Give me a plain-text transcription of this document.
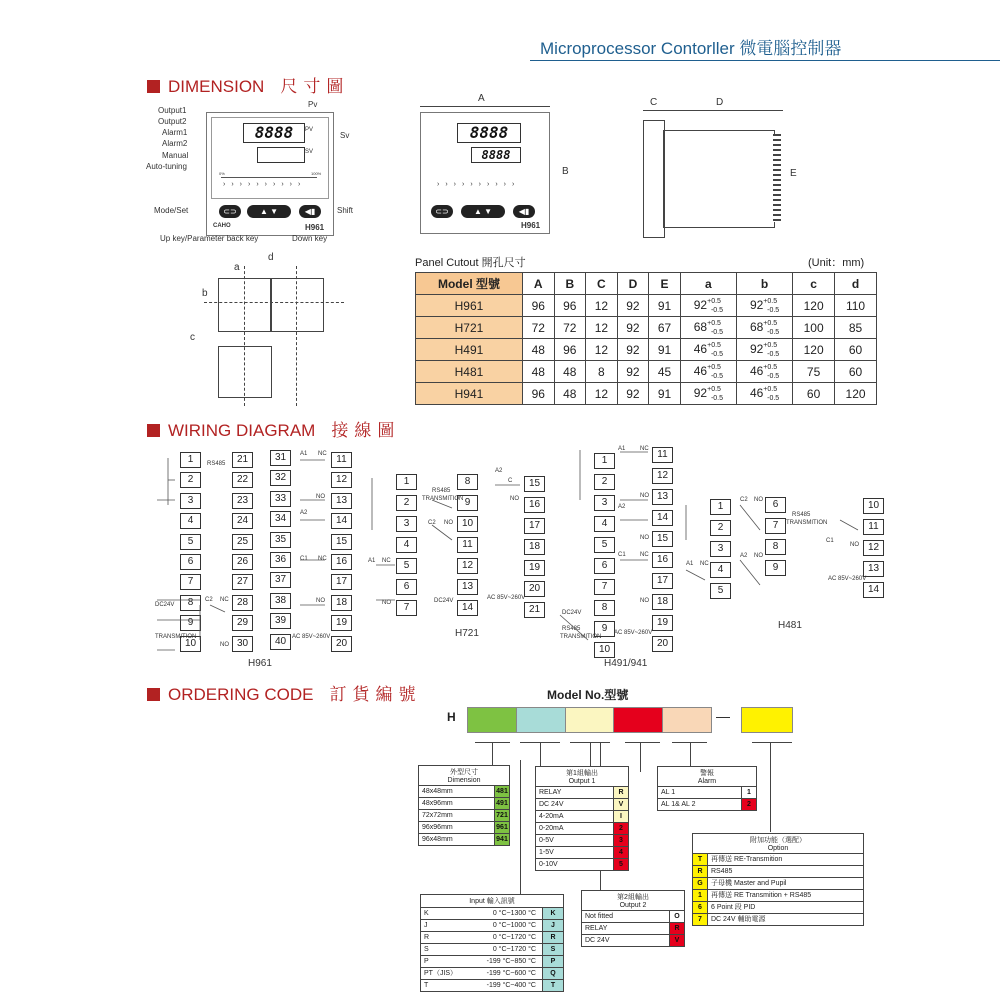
Microprocessor Contorller 微電腦控制器
DIMENSION 尺寸圖
8888	PV
SV
0%	100%
››››››››››
⊂⊃	▲ ▼	◀▮
CAHO	H961
Output1
Output2
Alarm1
Alarm2
Manual
Auto-tuning
Pv
Sv
Mode/Set	Shift
Up key/Parameter back key	Down key
A
8888
8888
››››››››››
⊂⊃	▲ ▼	◀▮
H961
B
C	D
E
a
d
b
c
Panel Cutout 開孔尺寸	(Unit：mm)
Model 型號	A	B	C	D	E	a	b	c	d
H961	96	96	12	92	91	$92^{+0.5}_{-0.5}$	$92^{+0.5}_{-0.5}$	120	110
H721	72	72	12	92	67	$68^{+0.5}_{-0.5}$	$68^{+0.5}_{-0.5}$	100	85
H491	48	96	12	92	91	$46^{+0.5}_{-0.5}$	$92^{+0.5}_{-0.5}$	120	60
H481	48	48	8	92	45	$46^{+0.5}_{-0.5}$	$46^{+0.5}_{-0.5}$	75	60
H941	96	48	12	92	91	$92^{+0.5}_{-0.5}$	$46^{+0.5}_{-0.5}$	60	120
WIRING DIAGRAM 接線圖
1
2
3
4
5
6
7
8
9
10
21
22
23
24
25
26
27
28
29
30
31
32
33
34
35
36
37
38
39
40
11
12
13
14
15
16
17
18
19
20
1
2
3
4
5
6
7
8
9
10
11
12
13
14
15
16
17
18
19
20
21
1
2
3
4
5
6
7
8
9
10
11
12
13
14
15
16
17
18
19
20
1
2
3
4
5
6
7
8
9
10
11
12
13
14
RS485
TRANSMITION
DC24V
AC 85V~260V
C2 NC
NO
A1 NC
NO
A2
C1 NC
NO
RS485
TRANSMITION
C2 NO
DC24V
A2
C
NO
AC 85V~260V
A1 NC
NO
A1 NC
NO
A2
NO
C1 NC
NO
DC24V
RS485
TRANSMITION
AC 85V~260V
C2 NO
RS485
TRANSMITION
A1 NC
A2 NO
C1
NO
AC 85V~260V
H961
H721
H491/941
H481
ORDERING CODE 訂貨編號	Model No.型號
H	—
外型尺寸
Dimension
48x48mm	481
48x96mm	491
72x72mm	721
96x96mm	961
96x48mm	941
第1組輸出
Output 1
RELAY	R
DC 24V	V
4-20mA	I
0-20mA	2
0-5V	3
1-5V	4
0-10V	5
警報
Alarm
AL 1	1
AL 1& AL 2	2
附加功能（選配）
Option
T	再傳送 RE-Transmition
R	RS485
G	子母機 Master and Pupil
1	再傳送 RE Transmition + RS485
6	6 Point 段 PID
7	DC 24V 輔助電源
第2組輸出
Output 2
Not fitted	O
RELAY	R
DC 24V	V
Input 輸入訊號
K	0 °C~1300 °C	K
J	0 °C~1000 °C	J
R	0 °C~1720 °C	R
S	0 °C~1720 °C	S
P	-199 °C~850 °C	P
PT（JIS）	-199 °C~600 °C	Q
T	-199 °C~400 °C	T
